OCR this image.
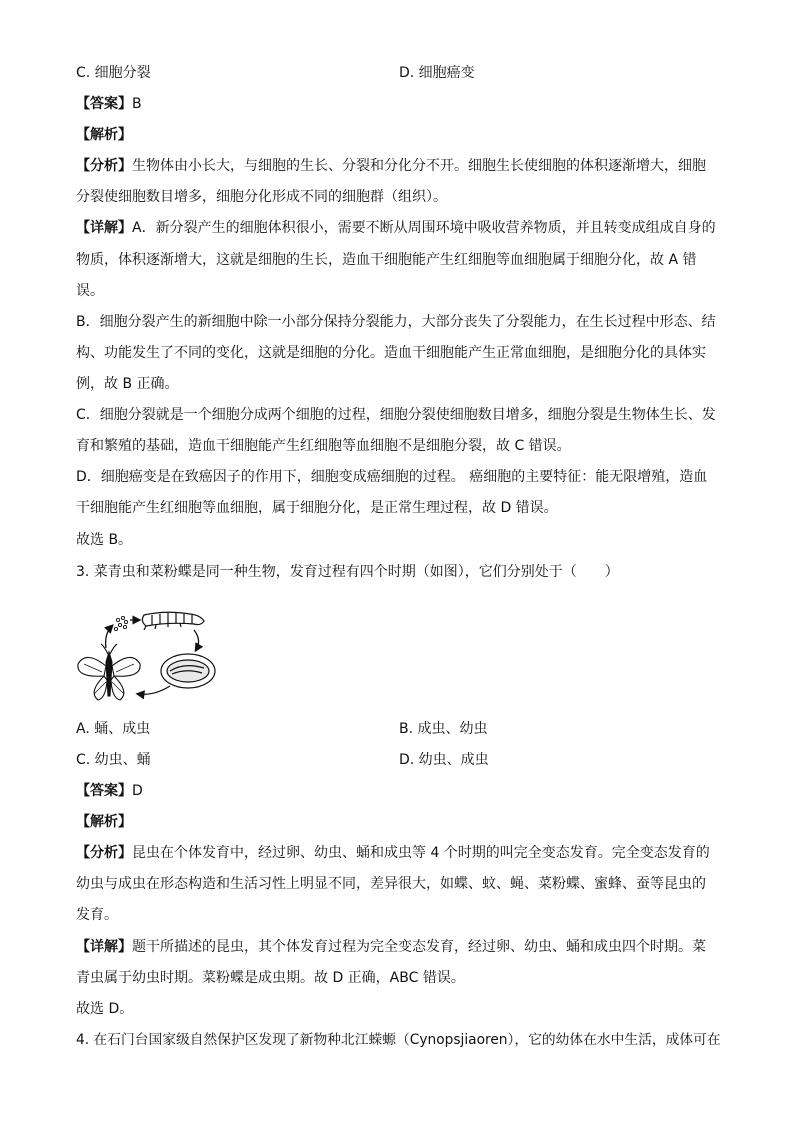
C. 细胞分裂	D. 细胞癌变
【答案】B
【解析】
【分析】生物体由小长大，与细胞的生长、分裂和分化分不开。细胞生长使细胞的体积逐渐增大，细胞
分裂使细胞数目增多，细胞分化形成不同的细胞群（组织）。
【详解】A．新分裂产生的细胞体积很小，需要不断从周围环境中吸收营养物质，并且转变成组成自身的
物质，体积逐渐增大，这就是细胞的生长，造血干细胞能产生红细胞等血细胞属于细胞分化，故 A 错
误。
B．细胞分裂产生的新细胞中除一小部分保持分裂能力，大部分丧失了分裂能力，在生长过程中形态、结
构、功能发生了不同的变化，这就是细胞的分化。造血干细胞能产生正常血细胞，是细胞分化的具体实
例，故 B 正确。
C．细胞分裂就是一个细胞分成两个细胞的过程，细胞分裂使细胞数目增多，细胞分裂是生物体生长、发
育和繁殖的基础，造血干细胞能产生红细胞等血细胞不是细胞分裂，故 C 错误。
D．细胞癌变是在致癌因子的作用下，细胞变成癌细胞的过程。 癌细胞的主要特征：能无限增殖，造血
干细胞能产生红细胞等血细胞，属于细胞分化，是正常生理过程，故 D 错误。
故选 B。
3. 菜青虫和菜粉蝶是同一种生物，发育过程有四个时期（如图），它们分别处于（　　）
A. 蛹、成虫	B. 成虫、幼虫
C. 幼虫、蛹	D. 幼虫、成虫
【答案】D
【解析】
【分析】昆虫在个体发育中，经过卵、幼虫、蛹和成虫等 4 个时期的叫完全变态发育。完全变态发育的
幼虫与成虫在形态构造和生活习性上明显不同，差异很大，如蝶、蚊、蝇、菜粉蝶、蜜蜂、蚕等昆虫的
发育。
【详解】题干所描述的昆虫，其个体发育过程为完全变态发育，经过卵、幼虫、蛹和成虫四个时期。菜
青虫属于幼虫时期。菜粉蝶是成虫期。故 D 正确，ABC 错误。
故选 D。
4. 在石门台国家级自然保护区发现了新物种北江蝾螈（Cynopsjiaoren），它的幼体在水中生活，成体可在
